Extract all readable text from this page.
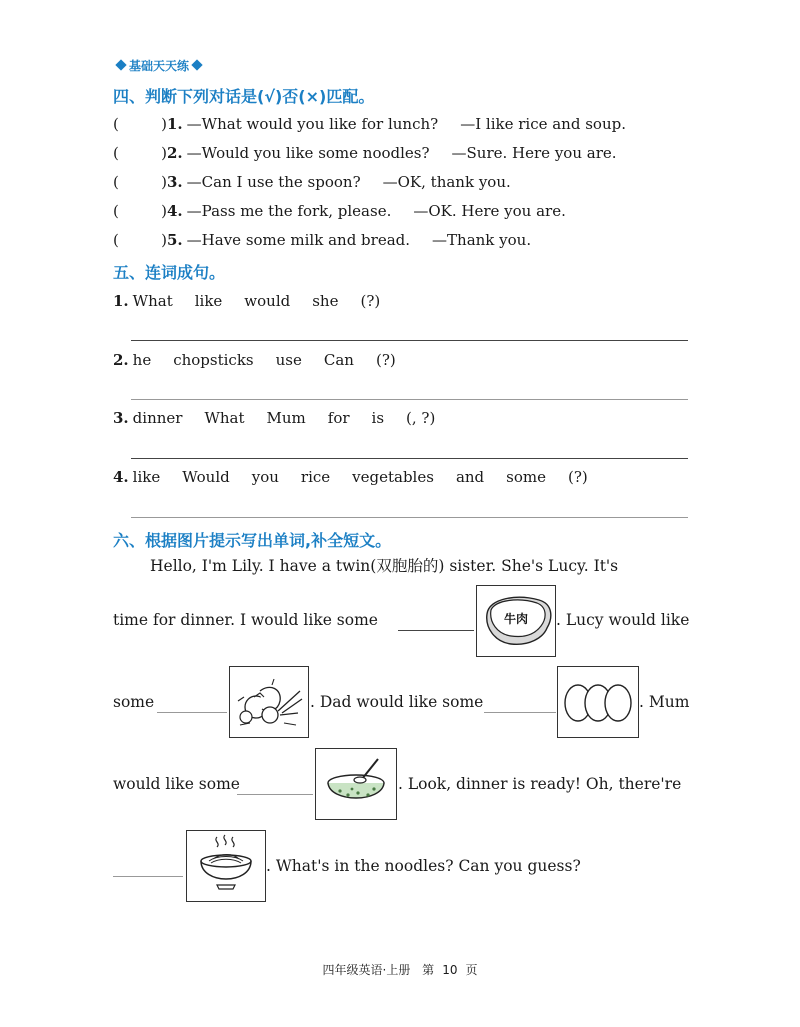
基础天天练
四、判断下列对话是(√)否(×)匹配。
(	) 1. —What would you like for lunch? —I like rice and soup.
(	) 2. —Would you like some noodles? —Sure. Here you are.
(	) 3. —Can I use the spoon? —OK, thank you.
(	) 4. —Pass me the fork, please. —OK. Here you are.
(	) 5. —Have some milk and bread. —Thank you.
五、连词成句。
1. What like would she (?)
2. he chopsticks use Can (?)
3. dinner What Mum for is (, ?)
4. like Would you rice vegetables and some (?)
六、根据图片提示写出单词,补全短文。
Hello, I'm Lily. I have a twin(双胞胎的) sister. She's Lucy. It's
time for dinner. I would like some	牛肉 . Lucy would like
some	. Dad would like some	. Mum
would like some	. Look, dinner is ready! Oh, there're
. What's in the noodles? Can you guess?
四年级英语·上册 第 10 页
